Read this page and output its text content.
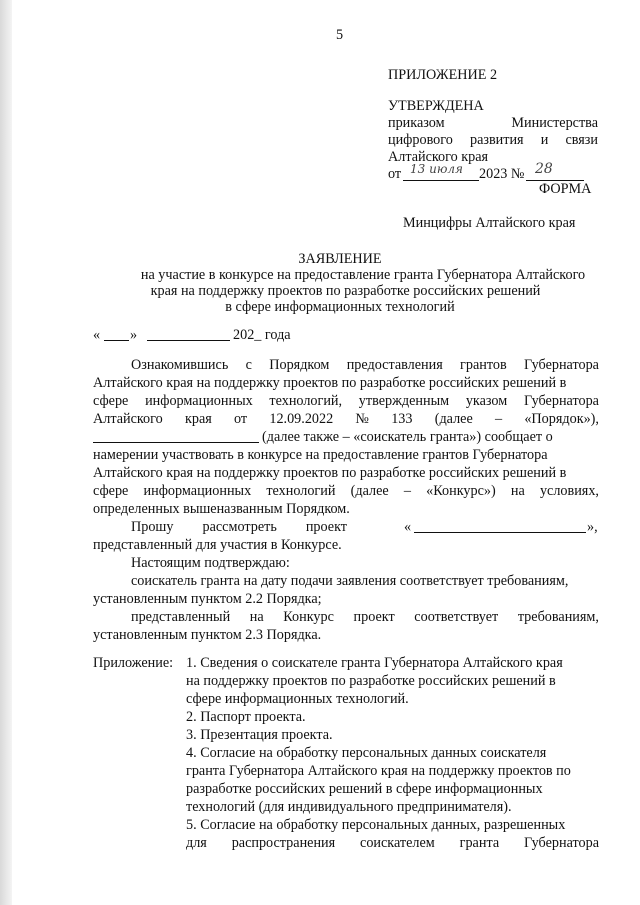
5
ПРИЛОЖЕНИЕ 2
УТВЕРЖДЕНА
приказом	Министерства
цифрового развития и связи
Алтайского края
от 13 июля 2023 № 28
ФОРМА
Минцифры Алтайского края
ЗАЯВЛЕНИЕ
на участие в конкурсе на предоставление гранта Губернатора Алтайского
края на поддержку проектов по разработке российских решений
в сфере информационных технологий
« »	202_ года
Ознакомившись с Порядком предоставления грантов Губернатора
Алтайского края на поддержку проектов по разработке российских решений в
сфере информационных технологий, утвержденным указом Губернатора
Алтайского края от 12.09.2022 № 133 (далее – «Порядок»),
(далее также – «соискатель гранта») сообщает о
намерении участвовать в конкурсе на предоставление грантов Губернатора
Алтайского края на поддержку проектов по разработке российских решений в
сфере информационных технологий (далее – «Конкурс») на условиях,
определенных вышеназванным Порядком.
Прошу рассмотреть проект	«	»,
представленный для участия в Конкурсе.
Настоящим подтверждаю:
соискатель гранта на дату подачи заявления соответствует требованиям,
установленным пунктом 2.2 Порядка;
представленный на Конкурс проект соответствует требованиям,
установленным пунктом 2.3 Порядка.
Приложение: 1. Сведения о соискателе гранта Губернатора Алтайского края
на поддержку проектов по разработке российских решений в
сфере информационных технологий.
2. Паспорт проекта.
3. Презентация проекта.
4. Согласие на обработку персональных данных соискателя
гранта Губернатора Алтайского края на поддержку проектов по
разработке российских решений в сфере информационных
технологий (для индивидуального предпринимателя).
5. Согласие на обработку персональных данных, разрешенных
для распространения соискателем гранта Губернатора
